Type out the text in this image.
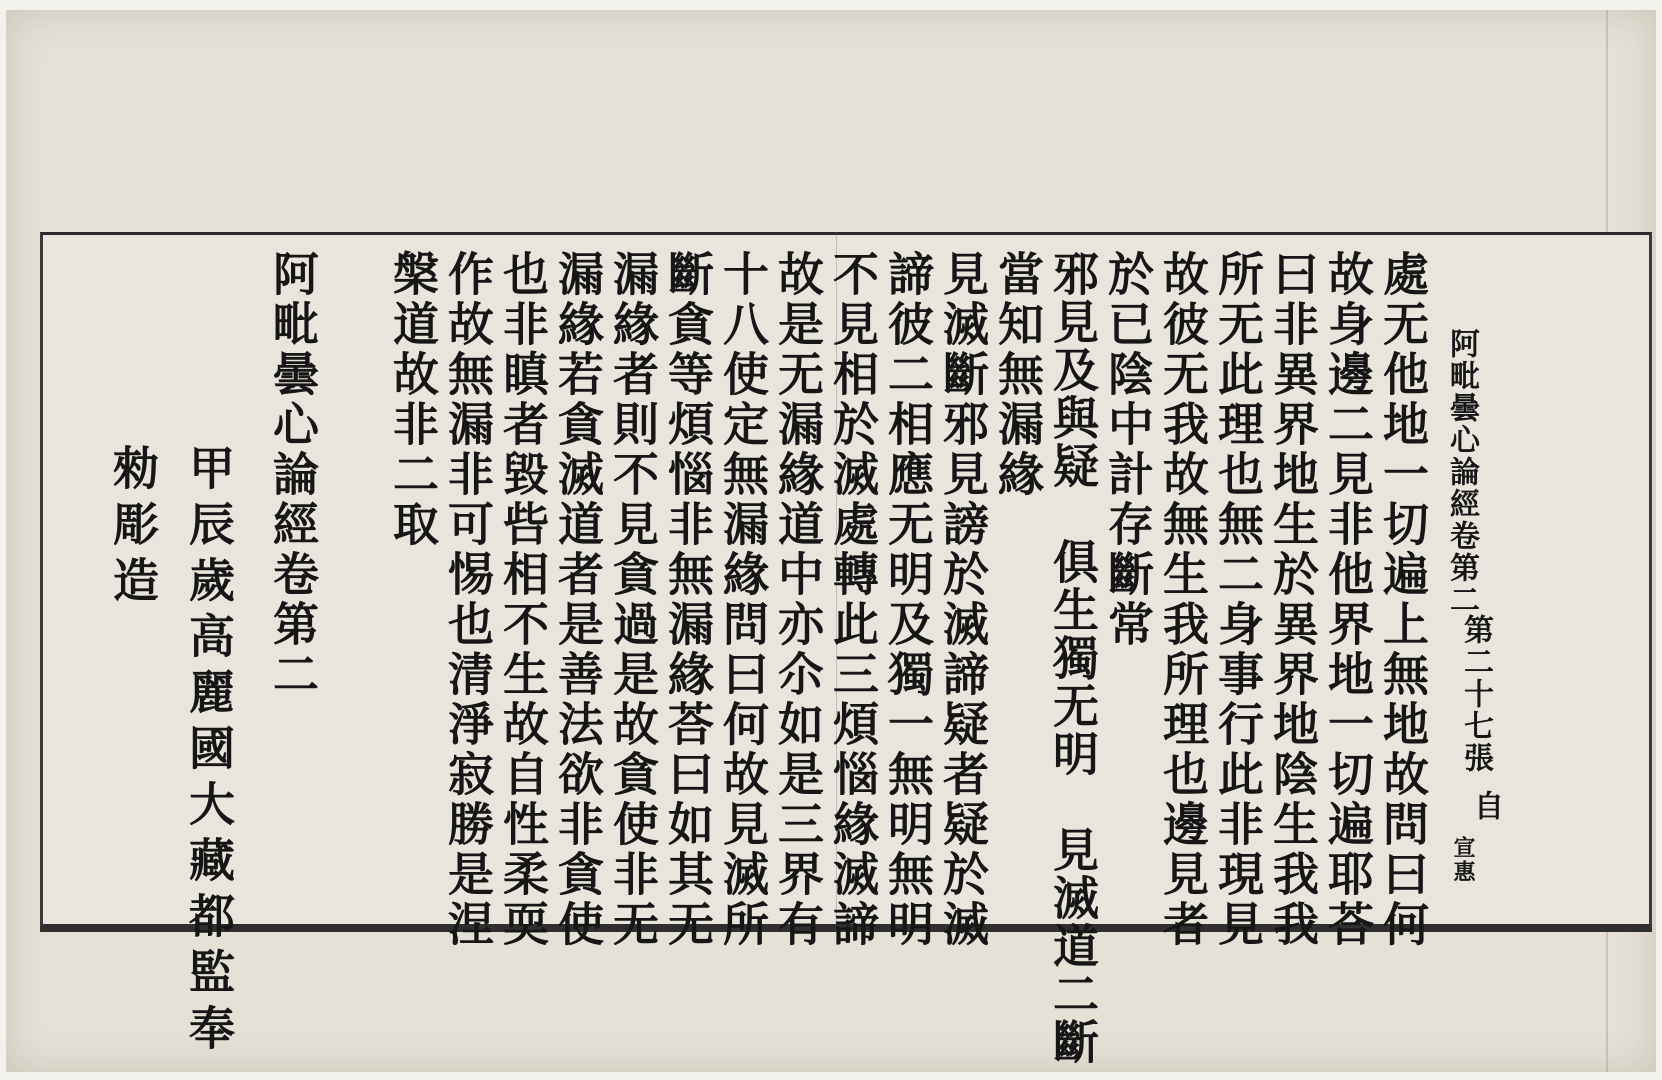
阿毗曇心論經卷第二
第二十七張
自
宣惠
處无他地一切遍上無地故問曰何
故身邊二見非他界地一切遍耶荅
曰非異界地生於異界地陰生我我
所无此理也無二身事行此非現見
故彼无我故無生我所理也邊見者
於已陰中計存斷常
邪見及與疑　俱生獨无明　見滅道二斷
當知無漏緣
見滅斷邪見謗於滅諦疑者疑於滅
諦彼二相應无明及獨一無明無明
不見相於滅處轉此三煩惱緣滅諦
故是无漏緣道中亦尒如是三界有
十八使定無漏緣問曰何故見滅所
斷貪等煩惱非無漏緣荅曰如其无
漏緣者則不見貪過是故貪使非无
漏緣若貪滅道者是善法欲非貪使
也非瞋者毀呰相不生故自性柔耎
作故無漏非可惕也清淨寂勝是涅
槃道故非二取
阿毗曇心論經卷第二
甲辰歲高麗國大藏都監奉
勑彫造
